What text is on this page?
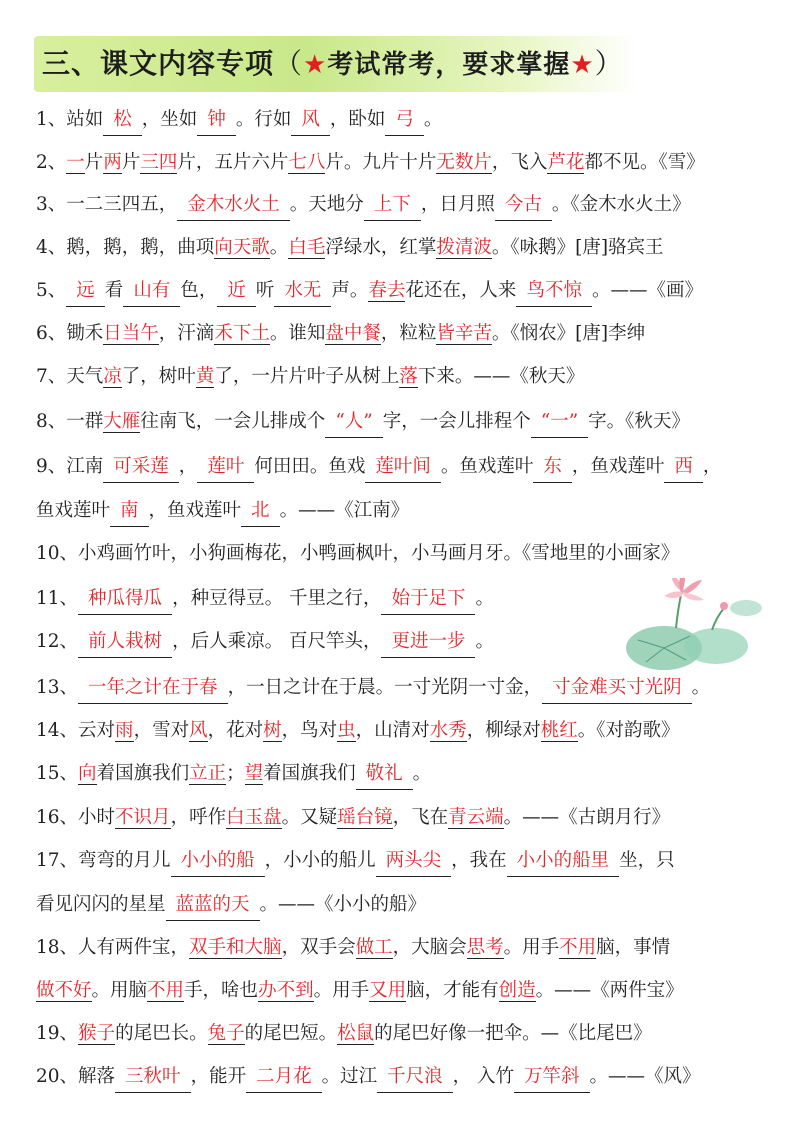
三、课文内容专项（★考试常考，要求掌握★）
1、站如 松 ，坐如 钟 。行如 风 ，卧如 弓 。
2、一片两片三四片，五片六片七八片。九片十片无数片，飞入芦花都不见。《雪》
3、一二三四五， 金木水火土 。天地分 上下 ，日月照 今古 。《金木水火土》
4、鹅，鹅，鹅，曲项向天歌。白毛浮绿水，红掌拨清波。《咏鹅》[唐]骆宾王
5、 远 看 山有 色， 近 听 水无 声。春去花还在，人来 鸟不惊 。——《画》
6、锄禾日当午，汗滴禾下土。谁知盘中餐，粒粒皆辛苦。《悯农》[唐]李绅
7、天气凉了，树叶黄了，一片片叶子从树上落下来。——《秋天》
8、一群大雁往南飞，一会儿排成个 “人” 字，一会儿排程个 “一” 字。《秋天》
9、江南 可采莲 ， 莲叶 何田田。鱼戏 莲叶间 。鱼戏莲叶 东 ，鱼戏莲叶 西 ，
鱼戏莲叶 南 ，鱼戏莲叶 北 。——《江南》
10、小鸡画竹叶，小狗画梅花，小鸭画枫叶，小马画月牙。《雪地里的小画家》
11、 种瓜得瓜 ，种豆得豆。 千里之行， 始于足下 。
12、 前人栽树 ，后人乘凉。 百尺竿头， 更进一步 。
13、 一年之计在于春 ，一日之计在于晨。一寸光阴一寸金， 寸金难买寸光阴 。
14、云对雨，雪对风，花对树，鸟对虫，山清对水秀，柳绿对桃红。《对韵歌》
15、向着国旗我们立正；望着国旗我们 敬礼 。
16、小时不识月，呼作白玉盘。又疑瑶台镜，飞在青云端。——《古朗月行》
17、弯弯的月儿 小小的船 ，小小的船儿 两头尖 ，我在 小小的船里 坐，只
看见闪闪的星星 蓝蓝的天 。——《小小的船》
18、人有两件宝，双手和大脑，双手会做工，大脑会思考。用手不用脑，事情
做不好。用脑不用手，啥也办不到。用手又用脑，才能有创造。——《两件宝》
19、猴子的尾巴长。兔子的尾巴短。松鼠的尾巴好像一把伞。—《比尾巴》
20、解落 三秋叶 ，能开 二月花 。过江 千尺浪 ， 入竹 万竿斜 。——《风》
